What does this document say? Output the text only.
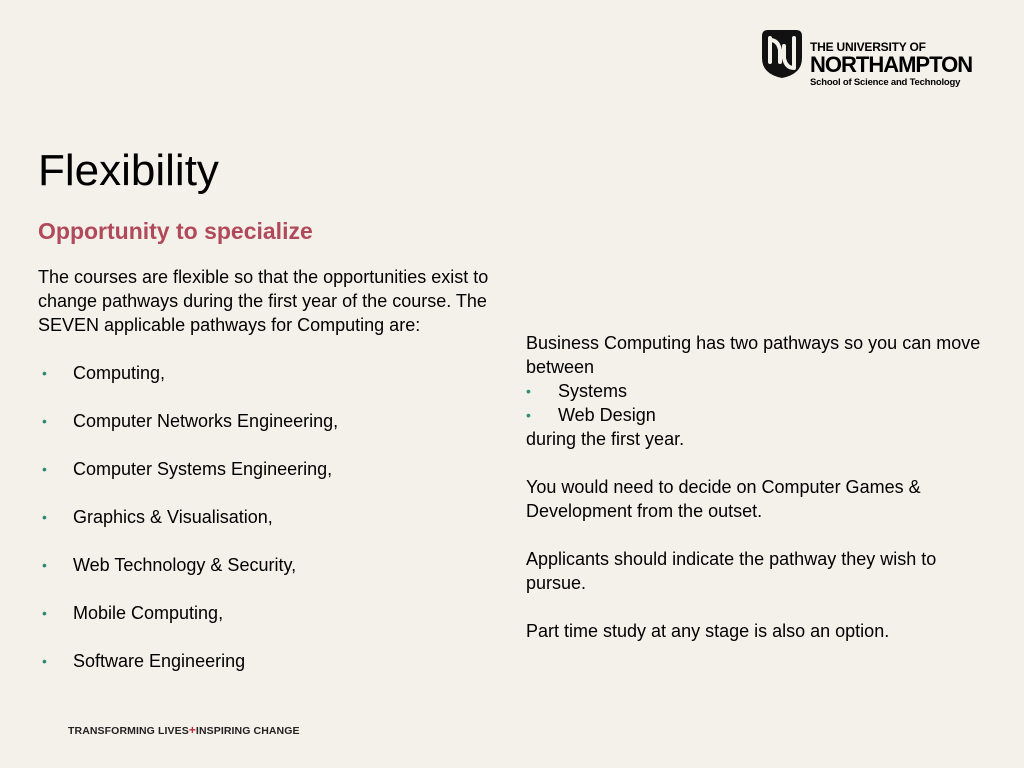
THE UNIVERSITY OF
NORTHAMPTON
School of Science and Technology
Flexibility
Opportunity to specialize

The courses are flexible so that the opportunities exist to change pathways during the first year of the course. The SEVEN applicable pathways for Computing are:

•	Computing,
•	Computer Networks Engineering,
•	Computer Systems Engineering,
•	Graphics & Visualisation,
•	Web Technology & Security,
•	Mobile Computing,
•	Software Engineering

Business Computing has two pathways so you can move between

•	Systems
•	Web Design

during the first year.

You would need to decide on Computer Games & Development from the outset.

Applicants should indicate the pathway they wish to pursue.

Part time study at any stage is also an option.

TRANSFORMING LIVES+INSPIRING CHANGE
